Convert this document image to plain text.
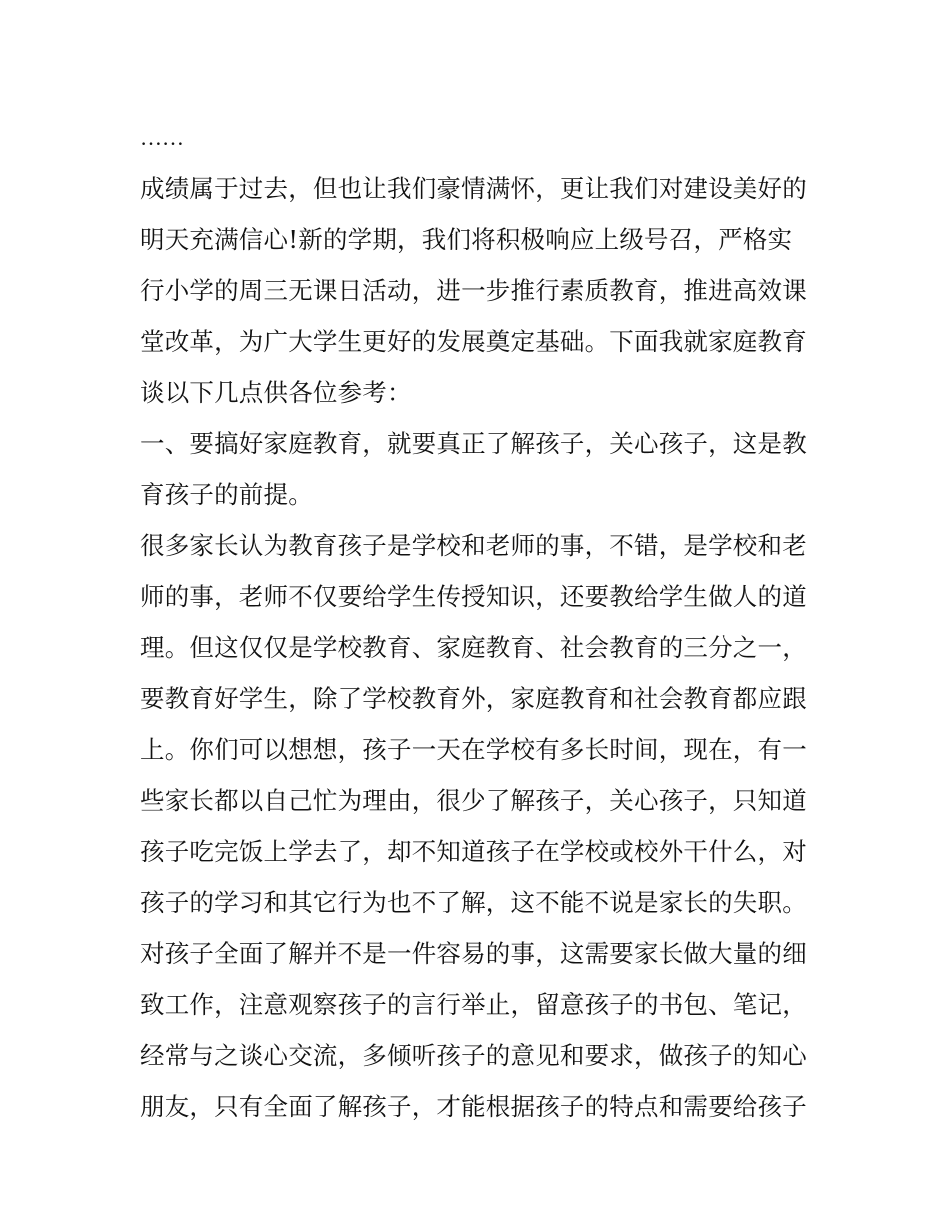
……
成绩属于过去，但也让我们豪情满怀，更让我们对建设美好的
明天充满信心!新的学期，我们将积极响应上级号召，严格实
行小学的周三无课日活动，进一步推行素质教育，推进高效课
堂改革，为广大学生更好的发展奠定基础。下面我就家庭教育
谈以下几点供各位参考：
一、要搞好家庭教育，就要真正了解孩子，关心孩子，这是教
育孩子的前提。
很多家长认为教育孩子是学校和老师的事，不错，是学校和老
师的事，老师不仅要给学生传授知识，还要教给学生做人的道
理。但这仅仅是学校教育、家庭教育、社会教育的三分之一，
要教育好学生，除了学校教育外，家庭教育和社会教育都应跟
上。你们可以想想，孩子一天在学校有多长时间，现在，有一
些家长都以自己忙为理由，很少了解孩子，关心孩子，只知道
孩子吃完饭上学去了，却不知道孩子在学校或校外干什么，对
孩子的学习和其它行为也不了解，这不能不说是家长的失职。
对孩子全面了解并不是一件容易的事，这需要家长做大量的细
致工作，注意观察孩子的言行举止，留意孩子的书包、笔记，
经常与之谈心交流，多倾听孩子的意见和要求，做孩子的知心
朋友，只有全面了解孩子，才能根据孩子的特点和需要给孩子
